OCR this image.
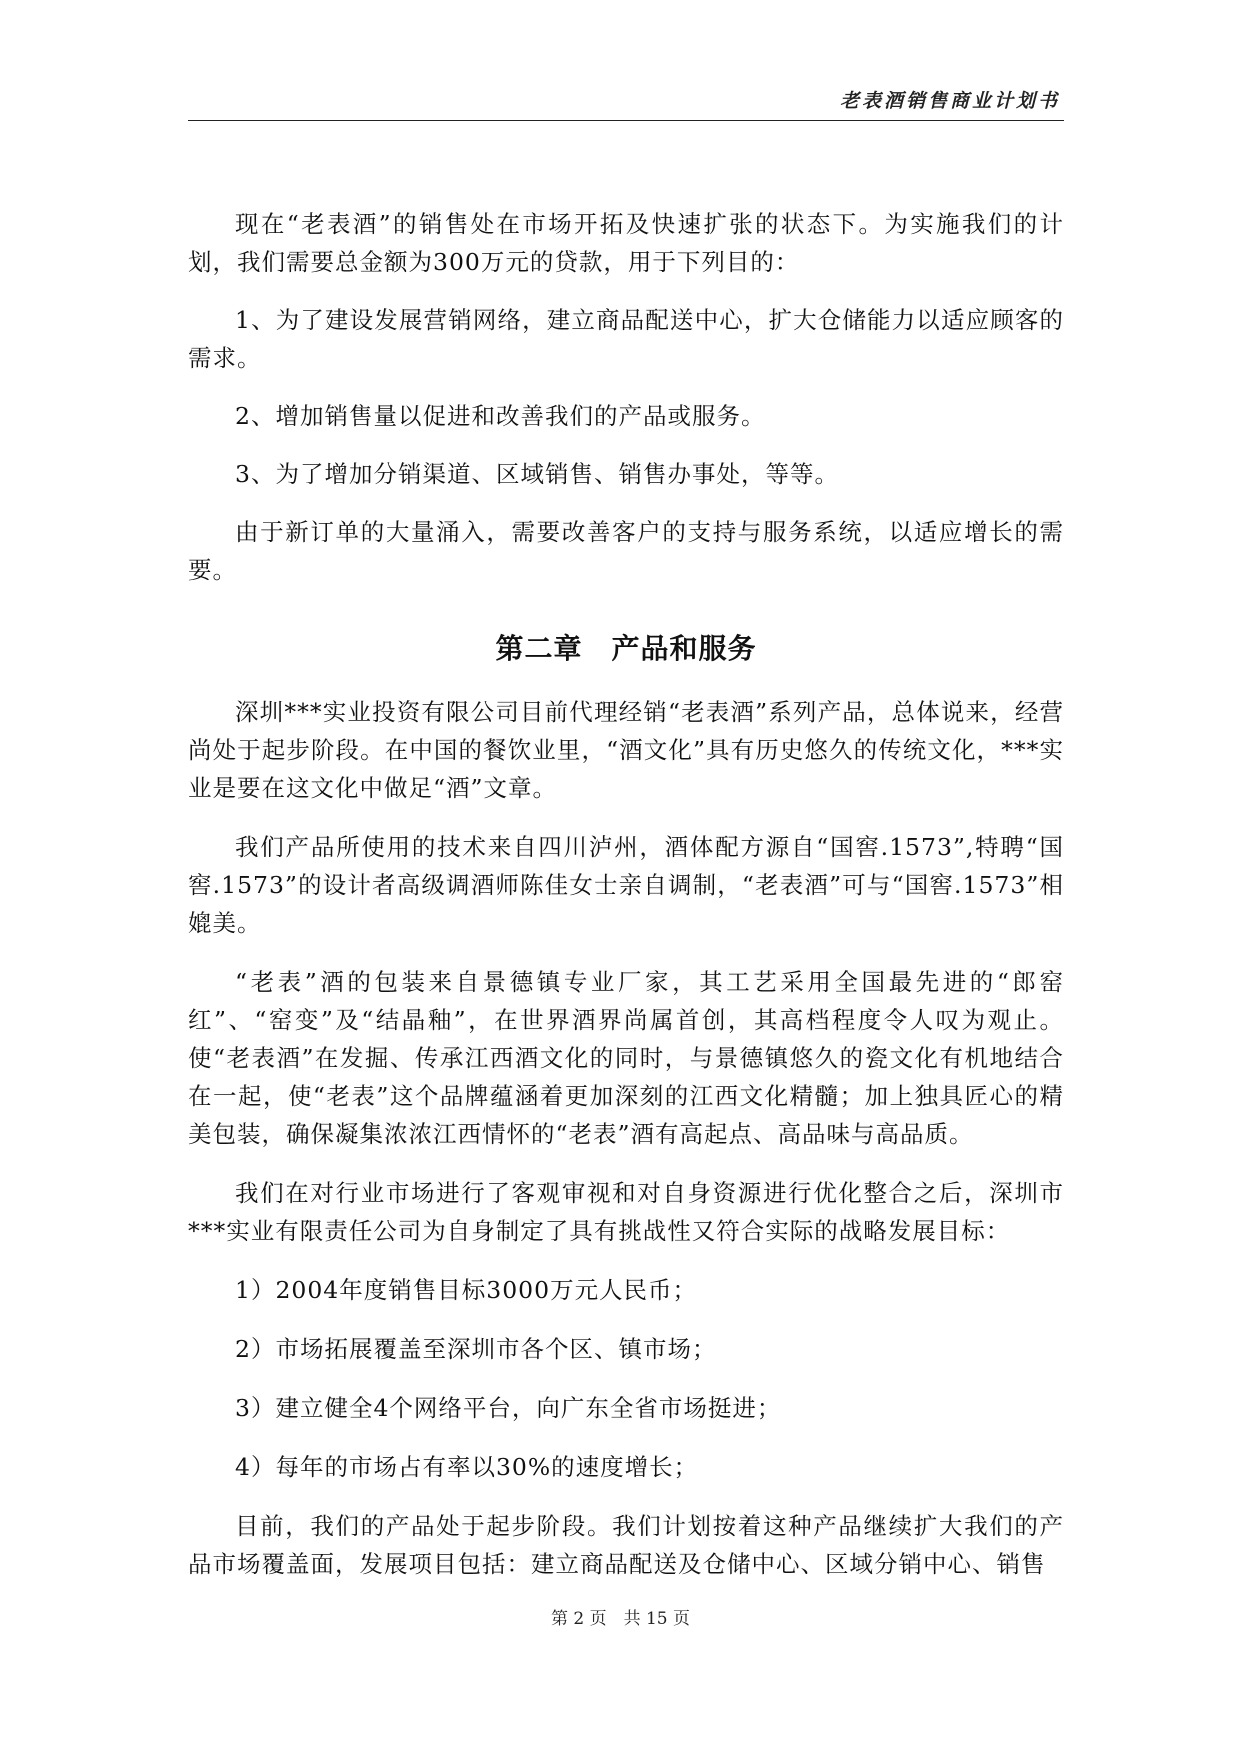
老表酒销售商业计划书

现在“老表酒”的销售处在市场开拓及快速扩张的状态下。为实施我们的计划，我们需要总金额为300万元的贷款，用于下列目的：

1、为了建设发展营销网络，建立商品配送中心，扩大仓储能力以适应顾客的需求。

2、增加销售量以促进和改善我们的产品或服务。

3、为了增加分销渠道、区域销售、销售办事处，等等。

由于新订单的大量涌入，需要改善客户的支持与服务系统，以适应增长的需要。

第二章　产品和服务

深圳***实业投资有限公司目前代理经销“老表酒”系列产品，总体说来，经营尚处于起步阶段。在中国的餐饮业里，“酒文化”具有历史悠久的传统文化，***实业是要在这文化中做足“酒”文章。

我们产品所使用的技术来自四川泸州，酒体配方源自“国窖.1573”,特聘“国窖.1573”的设计者高级调酒师陈佳女士亲自调制，“老表酒”可与“国窖.1573”相媲美。

“老表”酒的包装来自景德镇专业厂家，其工艺采用全国最先进的“郎窑红”、“窑变”及“结晶釉”，在世界酒界尚属首创，其高档程度令人叹为观止。使“老表酒”在发掘、传承江西酒文化的同时，与景德镇悠久的瓷文化有机地结合在一起，使“老表”这个品牌蕴涵着更加深刻的江西文化精髓；加上独具匠心的精美包装，确保凝集浓浓江西情怀的“老表”酒有高起点、高品味与高品质。

我们在对行业市场进行了客观审视和对自身资源进行优化整合之后，深圳市***实业有限责任公司为自身制定了具有挑战性又符合实际的战略发展目标：

1）2004年度销售目标3000万元人民币；

2）市场拓展覆盖至深圳市各个区、镇市场；

3）建立健全4个网络平台，向广东全省市场挺进；

4）每年的市场占有率以30%的速度增长；

目前，我们的产品处于起步阶段。我们计划按着这种产品继续扩大我们的产品市场覆盖面，发展项目包括：建立商品配送及仓储中心、区域分销中心、销售

第 2 页　共 15 页
